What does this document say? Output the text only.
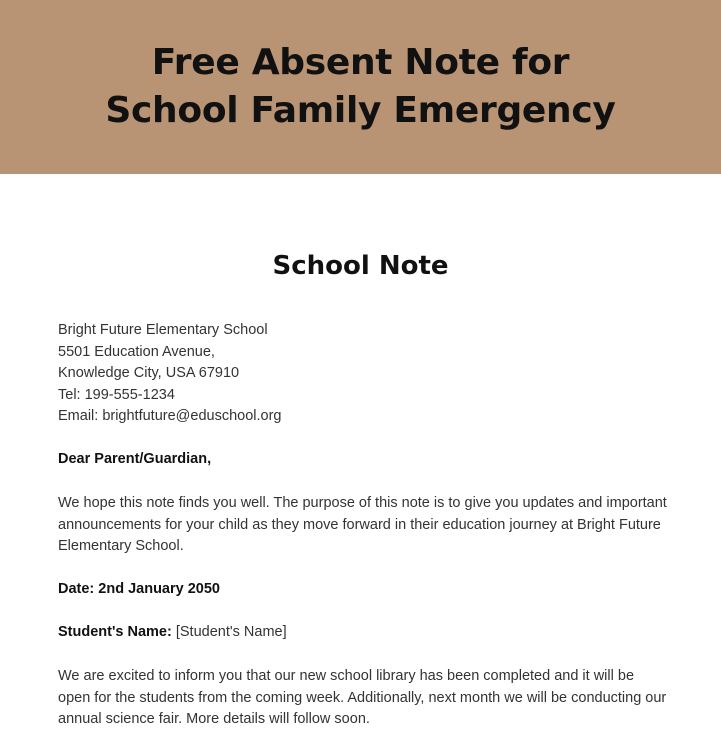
Free Absent Note for
School Family Emergency
School Note
Bright Future Elementary School
5501 Education Avenue,
Knowledge City, USA 67910
Tel: 199-555-1234
Email: brightfuture@eduschool.org
Dear Parent/Guardian,
We hope this note finds you well. The purpose of this note is to give you updates and important announcements for your child as they move forward in their education journey at Bright Future Elementary School.
Date: 2nd January 2050
Student's Name: [Student's Name]
We are excited to inform you that our new school library has been completed and it will be open for the students from the coming week. Additionally, next month we will be conducting our annual science fair. More details will follow soon.
